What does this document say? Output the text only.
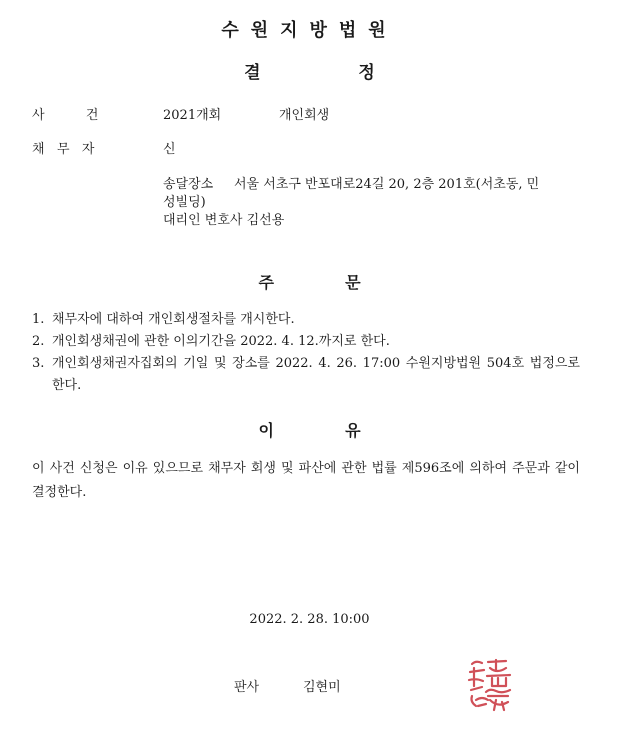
수원지방법원
결	정
사          건	2021개회	개인회생
채   무   자	신
송달장소 서울 서초구 반포대로24길 20, 2층 201호(서초동, 민
성빌딩)
대리인 변호사 김선용
주	문
1. 채무자에 대하여 개인회생절차를 개시한다.
2. 개인회생채권에 관한 이의기간을 2022. 4. 12.까지로 한다.
3. 개인회생채권자집회의 기일 및 장소를 2022. 4. 26. 17:00 수원지방법원 504호 법정으로 한다.
이	유
이 사건 신청은 이유 있으므로 채무자 회생 및 파산에 관한 법률 제596조에 의하여 주문과 같이 결정한다.
2022. 2. 28. 10:00
판사	김현미
